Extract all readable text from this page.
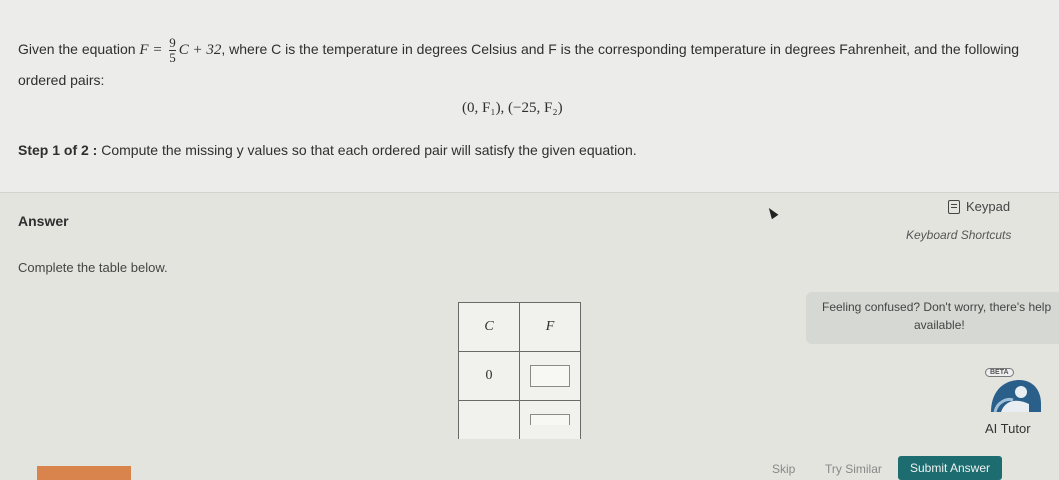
Given the equation $F = \frac{9}{5}$ C + 32, where C is the temperature in degrees Celsius and F is the corresponding temperature in degrees Fahrenheit, and the following
ordered pairs:
(0, F₁), (−25, F₂)
Step 1 of 2 : Compute the missing y values so that each ordered pair will satisfy the given equation.
Answer
Keypad
Keyboard Shortcuts
Complete the table below.
C	F
0	

Feeling confused? Don't worry, there's help
available!
BETA
AI Tutor
Skip Try Similar	Submit Answer
